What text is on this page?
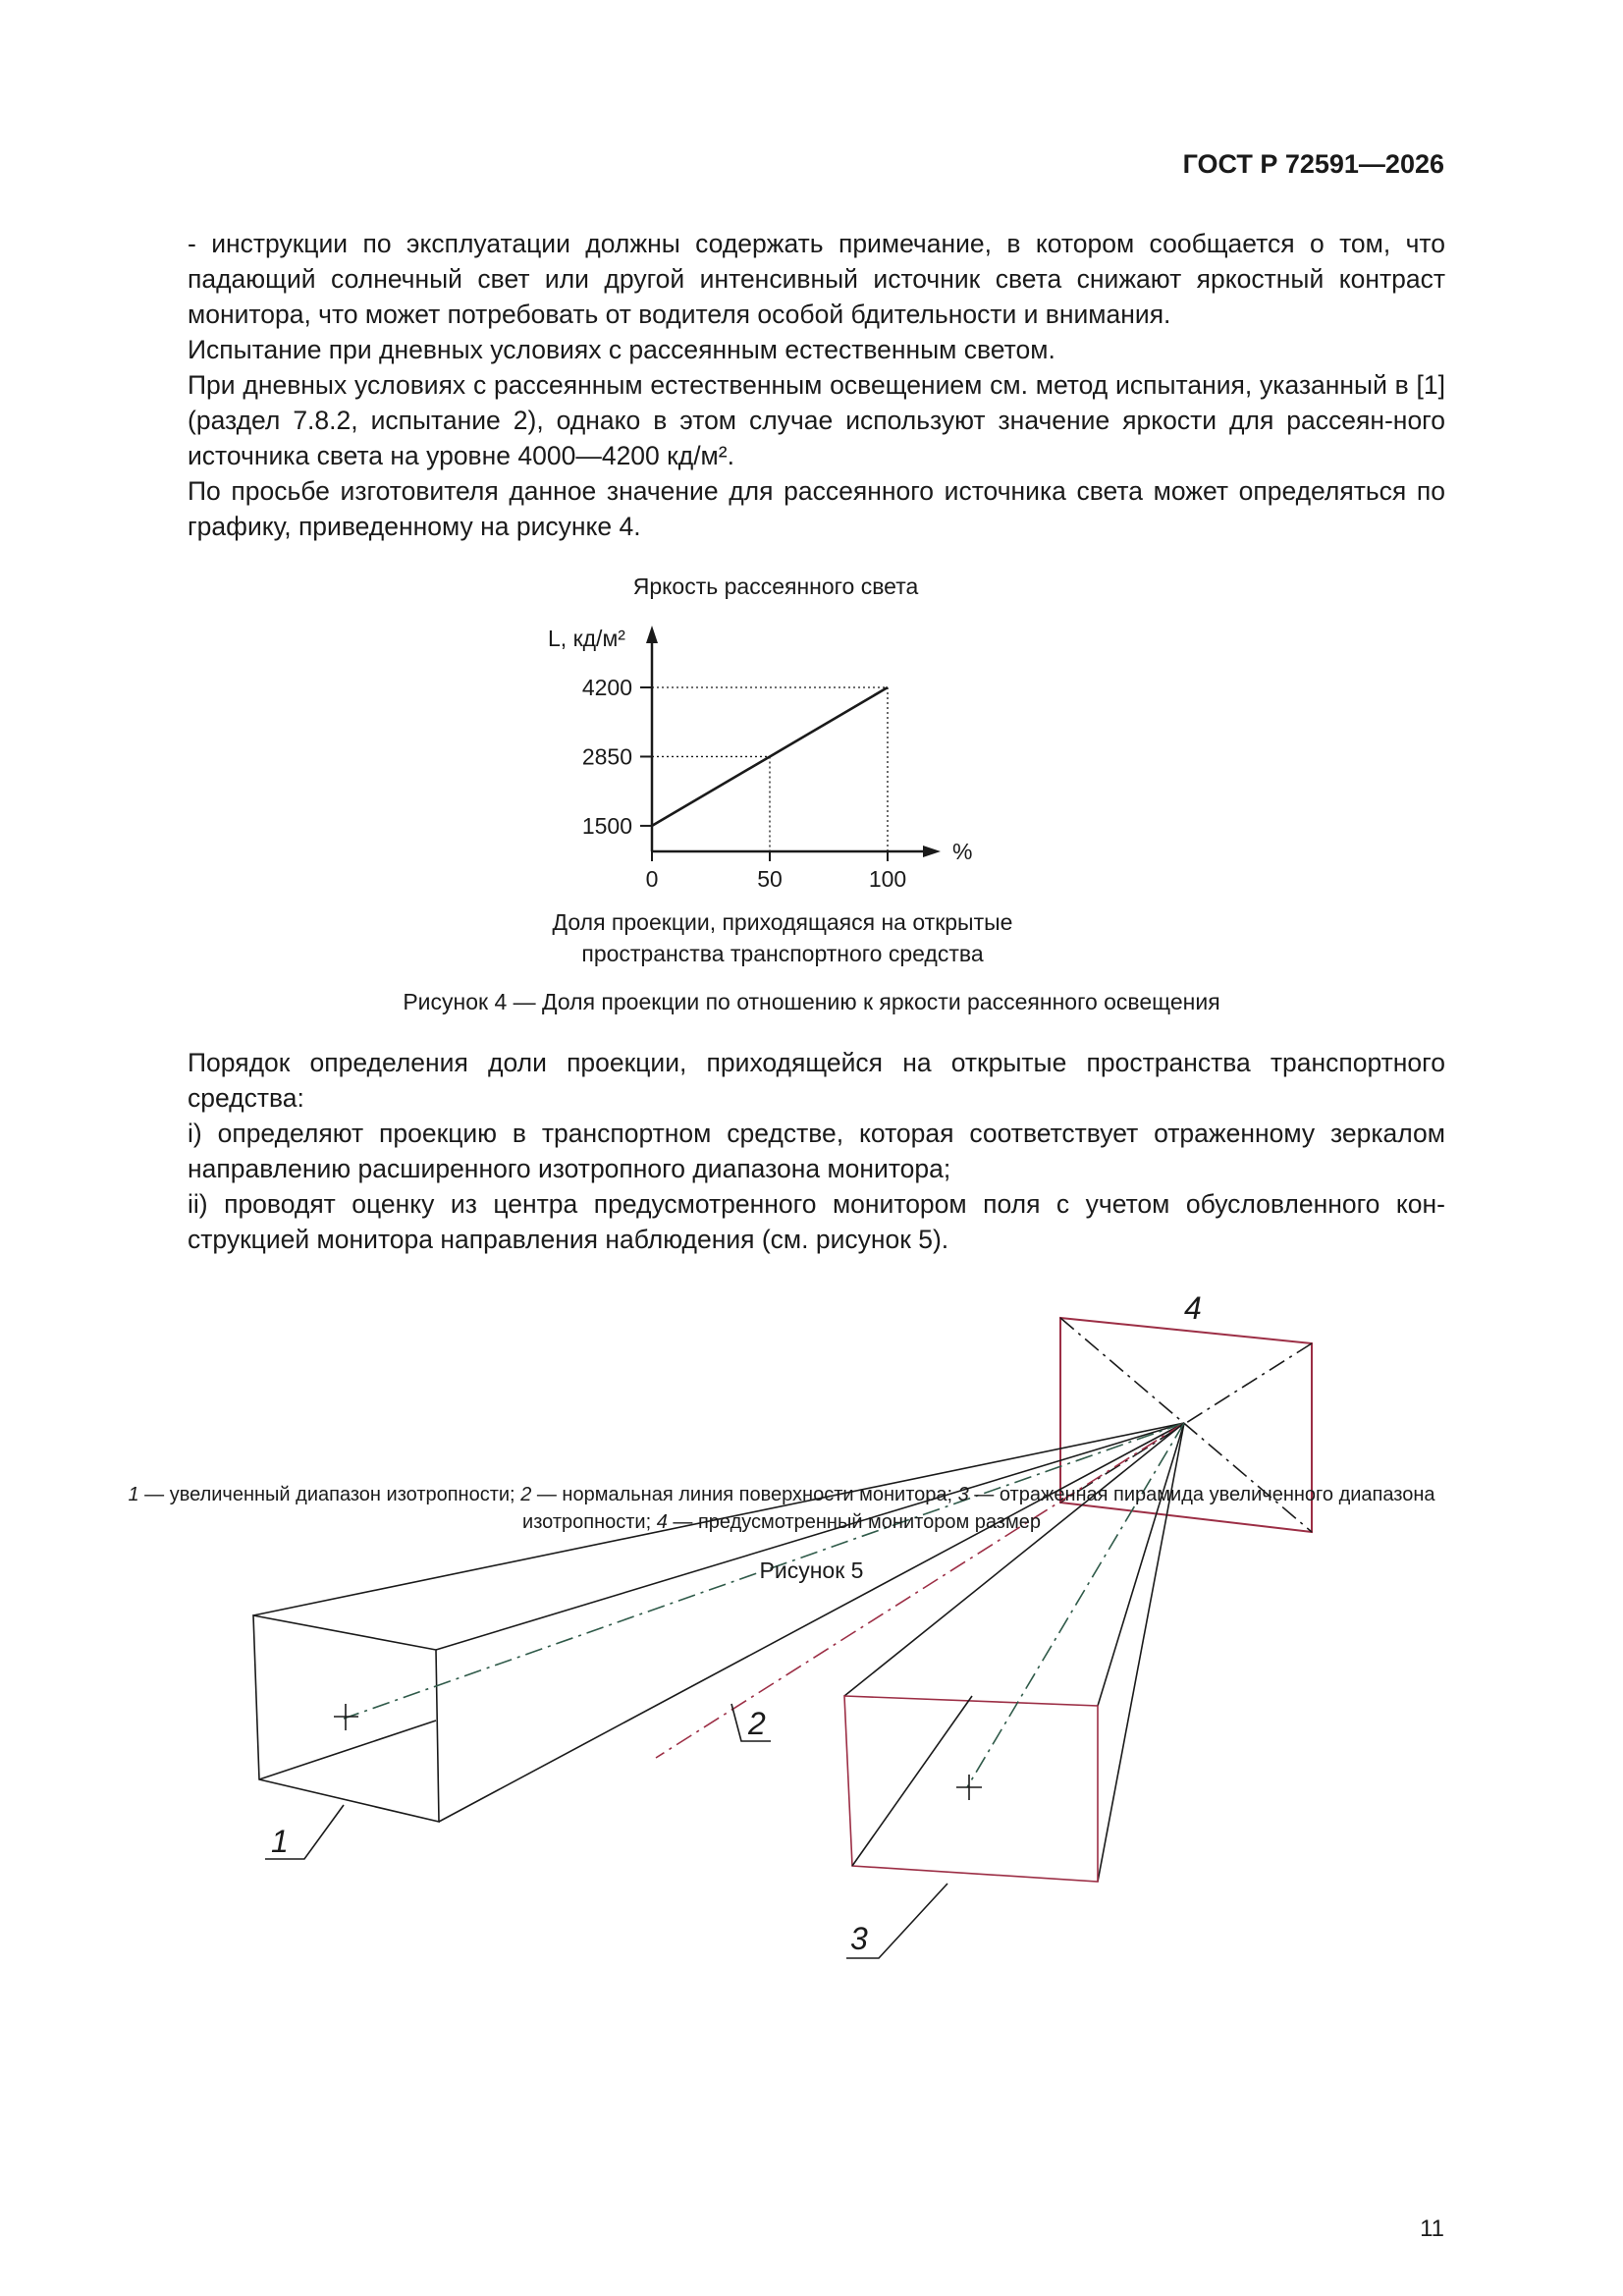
ГОСТ Р 72591—2026

- инструкции по эксплуатации должны содержать примечание, в котором сообщается о том, что падающий солнечный свет или другой интенсивный источник света снижают яркостный контраст монитора, что может потребовать от водителя особой бдительности и внимания.

Испытание при дневных условиях с рассеянным естественным светом.

При дневных условиях с рассеянным естественным освещением см. метод испытания, указанный в [1] (раздел 7.8.2, испытание 2), однако в этом случае используют значение яркости для рассеян-ного источника света на уровне 4000—4200 кд/м².

По просьбе изготовителя данное значение для рассеянного источника света может определяться по графику, приведенному на рисунке 4.

Яркость рассеянного света
L, кд/м²
%
1500
2850
4200
0	50	100
Доля проекции, приходящаяся на открытые
пространства транспортного средства
Рисунок 4 — Доля проекции по отношению к яркости рассеянного освещения

Порядок определения доли проекции, приходящейся на открытые пространства транспортного средства:

i) определяют проекцию в транспортном средстве, которая соответствует отраженному зеркалом направлению расширенного изотропного диапазона монитора;

ii) проводят оценку из центра предусмотренного монитором поля с учетом обусловленного кон-струкцией монитора направления наблюдения (см. рисунок 5).

1
2
3
4
1 — увеличенный диапазон изотропности; 2 — нормальная линия поверхности монитора; 3 — отраженная пирамида увеличенного диапазона изотропности; 4 — предусмотренный монитором размер
Рисунок 5
11
